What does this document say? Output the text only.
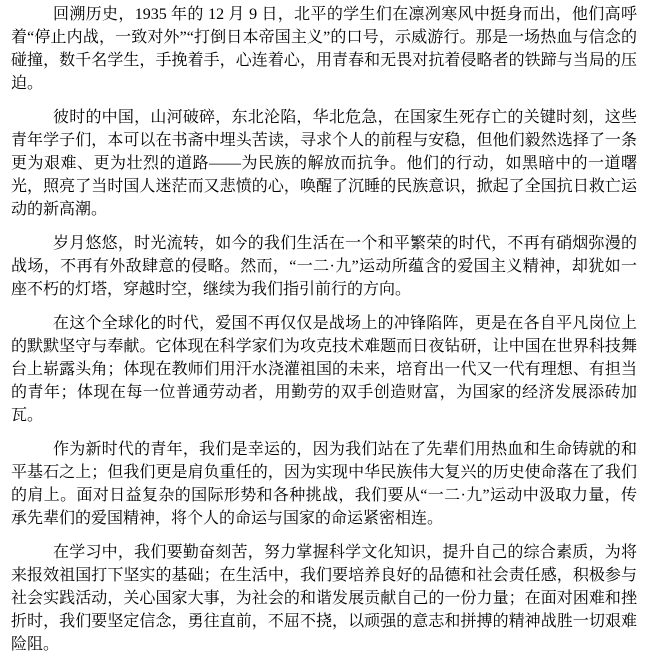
回溯历史，1935 年的 12 月 9 日，北平的学生们在凛冽寒风中挺身而出，他们高呼着“停止内战，一致对外”“打倒日本帝国主义”的口号，示威游行。那是一场热血与信念的碰撞，数千名学生，手挽着手，心连着心，用青春和无畏对抗着侵略者的铁蹄与当局的压迫。

彼时的中国，山河破碎，东北沦陷，华北危急，在国家生死存亡的关键时刻，这些青年学子们，本可以在书斋中埋头苦读，寻求个人的前程与安稳，但他们毅然选择了一条更为艰难、更为壮烈的道路——为民族的解放而抗争。他们的行动，如黑暗中的一道曙光，照亮了当时国人迷茫而又悲愤的心，唤醒了沉睡的民族意识，掀起了全国抗日救亡运动的新高潮。

岁月悠悠，时光流转，如今的我们生活在一个和平繁荣的时代，不再有硝烟弥漫的战场，不再有外敌肆意的侵略。然而，“一二·九”运动所蕴含的爱国主义精神，却犹如一座不朽的灯塔，穿越时空，继续为我们指引前行的方向。

在这个全球化的时代，爱国不再仅仅是战场上的冲锋陷阵，更是在各自平凡岗位上的默默坚守与奉献。它体现在科学家们为攻克技术难题而日夜钻研，让中国在世界科技舞台上崭露头角；体现在教师们用汗水浇灌祖国的未来，培育出一代又一代有理想、有担当的青年；体现在每一位普通劳动者，用勤劳的双手创造财富，为国家的经济发展添砖加瓦。

作为新时代的青年，我们是幸运的，因为我们站在了先辈们用热血和生命铸就的和平基石之上；但我们更是肩负重任的，因为实现中华民族伟大复兴的历史使命落在了我们的肩上。面对日益复杂的国际形势和各种挑战，我们要从“一二·九”运动中汲取力量，传承先辈们的爱国精神，将个人的命运与国家的命运紧密相连。

在学习中，我们要勤奋刻苦，努力掌握科学文化知识，提升自己的综合素质，为将来报效祖国打下坚实的基础；在生活中，我们要培养良好的品德和社会责任感，积极参与社会实践活动，关心国家大事，为社会的和谐发展贡献自己的一份力量；在面对困难和挫折时，我们要坚定信念，勇往直前，不屈不挠，以顽强的意志和拼搏的精神战胜一切艰难险阻。
